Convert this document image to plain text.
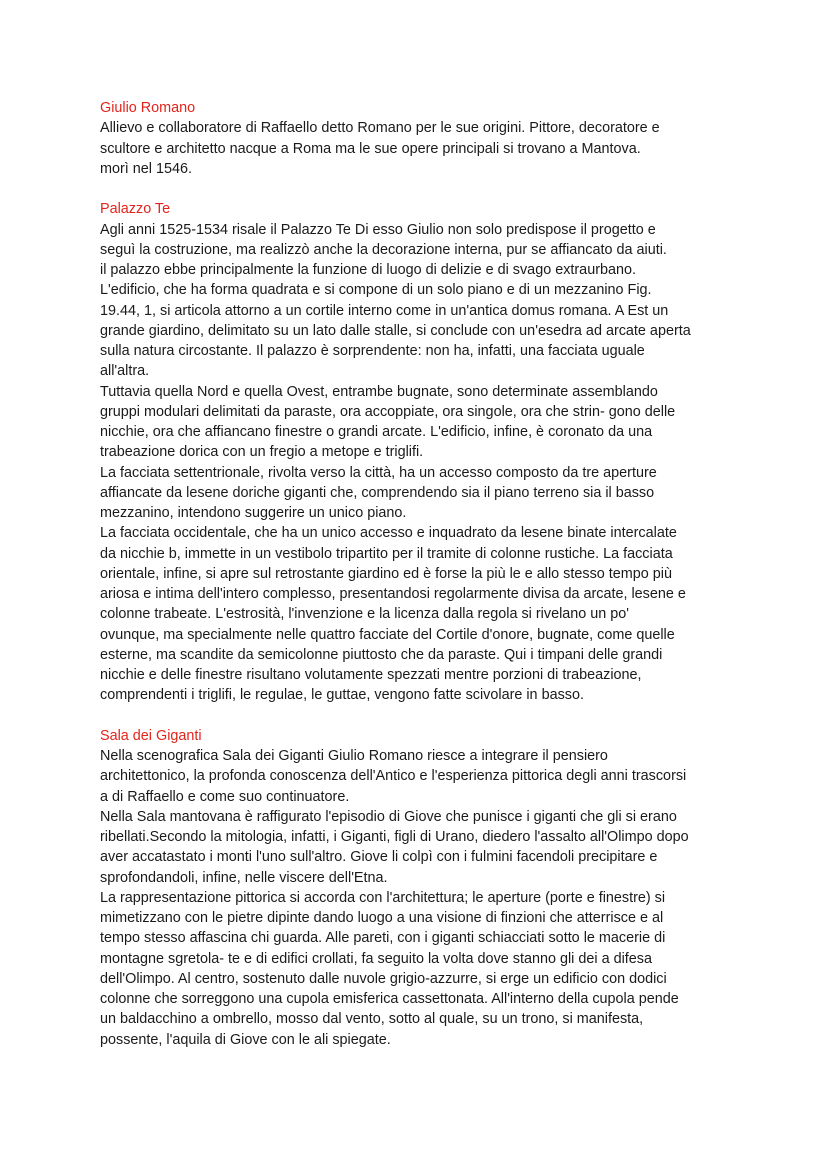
Giulio Romano
Allievo e collaboratore di Raffaello detto Romano per le sue origini. Pittore, decoratore e
scultore e architetto nacque a Roma ma le sue opere principali si trovano a Mantova.
morì nel 1546.
Palazzo Te
Agli anni 1525-1534 risale il Palazzo Te Di esso Giulio non solo predispose il progetto e
seguì la costruzione, ma realizzò anche la decorazione interna, pur se affiancato da aiuti.
il palazzo ebbe principalmente la funzione di luogo di delizie e di svago extraurbano.
L'edificio, che ha forma quadrata e si compone di un solo piano e di un mezzanino Fig.
19.44, 1, si articola attorno a un cortile interno come in un'antica domus romana. A Est un
grande giardino, delimitato su un lato dalle stalle, si conclude con un'esedra ad arcate aperta
sulla natura circostante. Il palazzo è sorprendente: non ha, infatti, una facciata uguale
all'altra.
Tuttavia quella Nord e quella Ovest, entrambe bugnate, sono determinate assemblando
gruppi modulari delimitati da paraste, ora accoppiate, ora singole, ora che strin- gono delle
nicchie, ora che affiancano finestre o grandi arcate. L'edificio, infine, è coronato da una
trabeazione dorica con un fregio a metope e triglifi.
La facciata settentrionale, rivolta verso la città, ha un accesso composto da tre aperture
affiancate da lesene doriche giganti che, comprendendo sia il piano terreno sia il basso
mezzanino, intendono suggerire un unico piano.
La facciata occidentale, che ha un unico accesso e inquadrato da lesene binate intercalate
da nicchie b, immette in un vestibolo tripartito per il tramite di colonne rustiche. La facciata
orientale, infine, si apre sul retrostante giardino ed è forse la più le e allo stesso tempo più
ariosa e intima dell'intero complesso, presentandosi regolarmente divisa da arcate, lesene e
colonne trabeate. L'estrosità, l'invenzione e la licenza dalla regola si rivelano un po'
ovunque, ma specialmente nelle quattro facciate del Cortile d'onore, bugnate, come quelle
esterne, ma scandite da semicolonne piuttosto che da paraste. Qui i timpani delle grandi
nicchie e delle finestre risultano volutamente spezzati mentre porzioni di trabeazione,
comprendenti i triglifi, le regulae, le guttae, vengono fatte scivolare in basso.
Sala dei Giganti
Nella scenografica Sala dei Giganti Giulio Romano riesce a integrare il pensiero
architettonico, la profonda conoscenza dell'Antico e l'esperienza pittorica degli anni trascorsi
a di Raffaello e come suo continuatore.
Nella Sala mantovana è raffigurato l'episodio di Giove che punisce i giganti che gli si erano
ribellati.Secondo la mitologia, infatti, i Giganti, figli di Urano, diedero l'assalto all'Olimpo dopo
aver accatastato i monti l'uno sull'altro. Giove li colpì con i fulmini facendoli precipitare e
sprofondandoli, infine, nelle viscere dell'Etna.
La rappresentazione pittorica si accorda con l'architettura; le aperture (porte e finestre) si
mimetizzano con le pietre dipinte dando luogo a una visione di finzioni che atterrisce e al
tempo stesso affascina chi guarda. Alle pareti, con i giganti schiacciati sotto le macerie di
montagne sgretola- te e di edifici crollati, fa seguito la volta dove stanno gli dei a difesa
dell'Olimpo. Al centro, sostenuto dalle nuvole grigio-azzurre, si erge un edificio con dodici
colonne che sorreggono una cupola emisferica cassettonata. All'interno della cupola pende
un baldacchino a ombrello, mosso dal vento, sotto al quale, su un trono, si manifesta,
possente, l'aquila di Giove con le ali spiegate.
